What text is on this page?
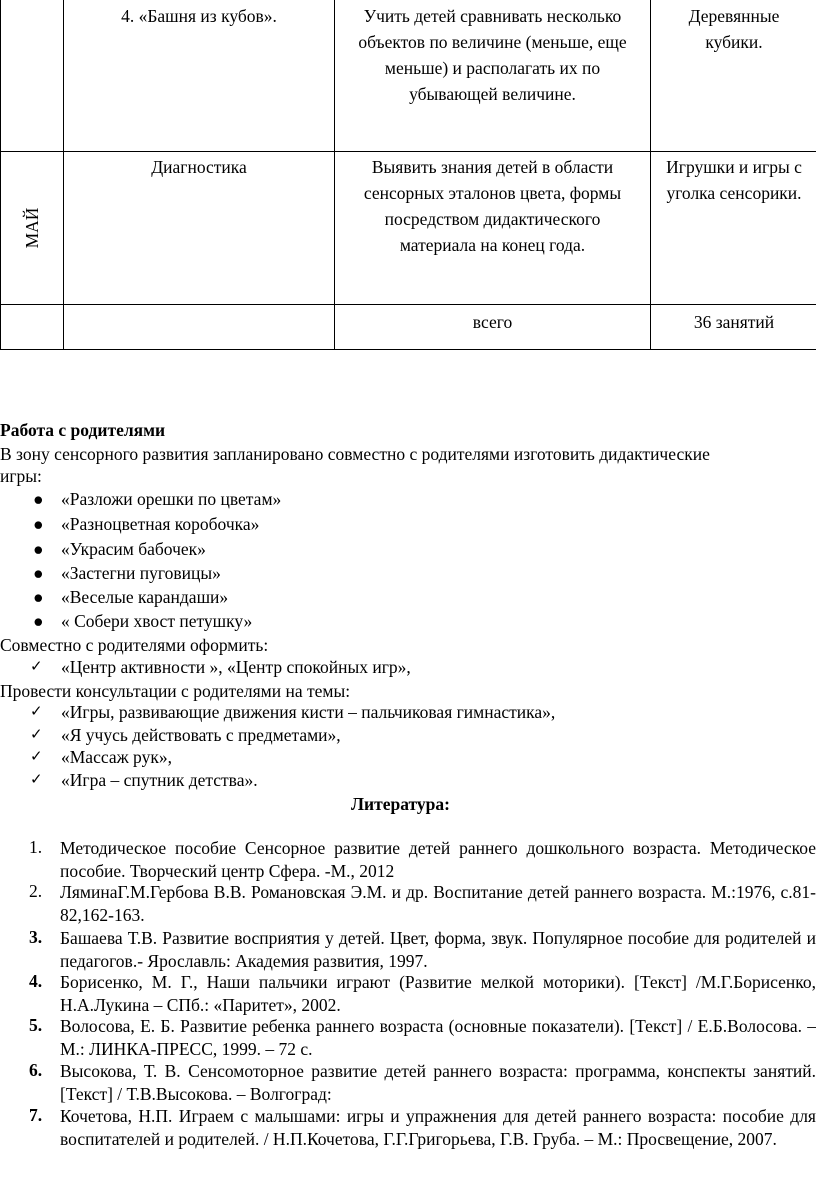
	4. «Башня из кубов».	Учить детей сравнивать несколько объектов по величине (меньше, еще меньше) и располагать их по убывающей величине.	Деревянные кубики.

МАЙ	Диагностика	Выявить знания детей в области сенсорных эталонов цвета, формы посредством дидактического материала на конец года.	Игрушки и игры с уголка сенсорики.
		всего	36 занятий
Работа с родителями
В зону сенсорного развития запланировано совместно с родителями изготовить дидактические
игры:
● «Разложи орешки по цветам»
● «Разноцветная коробочка»
● «Украсим бабочек»
● «Застегни пуговицы»
● «Веселые карандаши»
● « Собери хвост петушку»
Совместно с родителями оформить:
✓ «Центр активности », «Центр спокойных игр»,
Провести консультации с родителями на темы:
✓ «Игры, развивающие движения кисти – пальчиковая гимнастика»,
✓ «Я учусь действовать с предметами»,
✓ «Массаж рук»,
✓ «Игра – спутник детства».
Литература:
1. Методическое пособие Сенсорное развитие детей раннего дошкольного возраста. Методическое пособие. Творческий центр Сфера. -М., 2012
2. ЛяминаГ.М.Гербова В.В. Романовская Э.М. и др. Воспитание детей раннего возраста. М.:1976, с.81-82,162-163.
3. Башаева Т.В. Развитие восприятия у детей. Цвет, форма, звук. Популярное пособие для родителей и педагогов.- Ярославль: Академия развития, 1997.
4. Борисенко, М. Г., Наши пальчики играют (Развитие мелкой моторики). [Текст] /М.Г.Борисенко, Н.А.Лукина – СПб.: «Паритет», 2002.
5. Волосова, Е. Б. Развитие ребенка раннего возраста (основные показатели). [Текст] / Е.Б.Волосова. – М.: ЛИНКА-ПРЕСС, 1999. – 72 с.
6. Высокова, Т. В. Сенсомоторное развитие детей раннего возраста: программа, конспекты занятий. [Текст] / Т.В.Высокова. – Волгоград:
7. Кочетова, Н.П. Играем с малышами: игры и упражнения для детей раннего возраста: пособие для воспитателей и родителей. / Н.П.Кочетова, Г.Г.Григорьева, Г.В. Груба. – М.: Просвещение, 2007.
